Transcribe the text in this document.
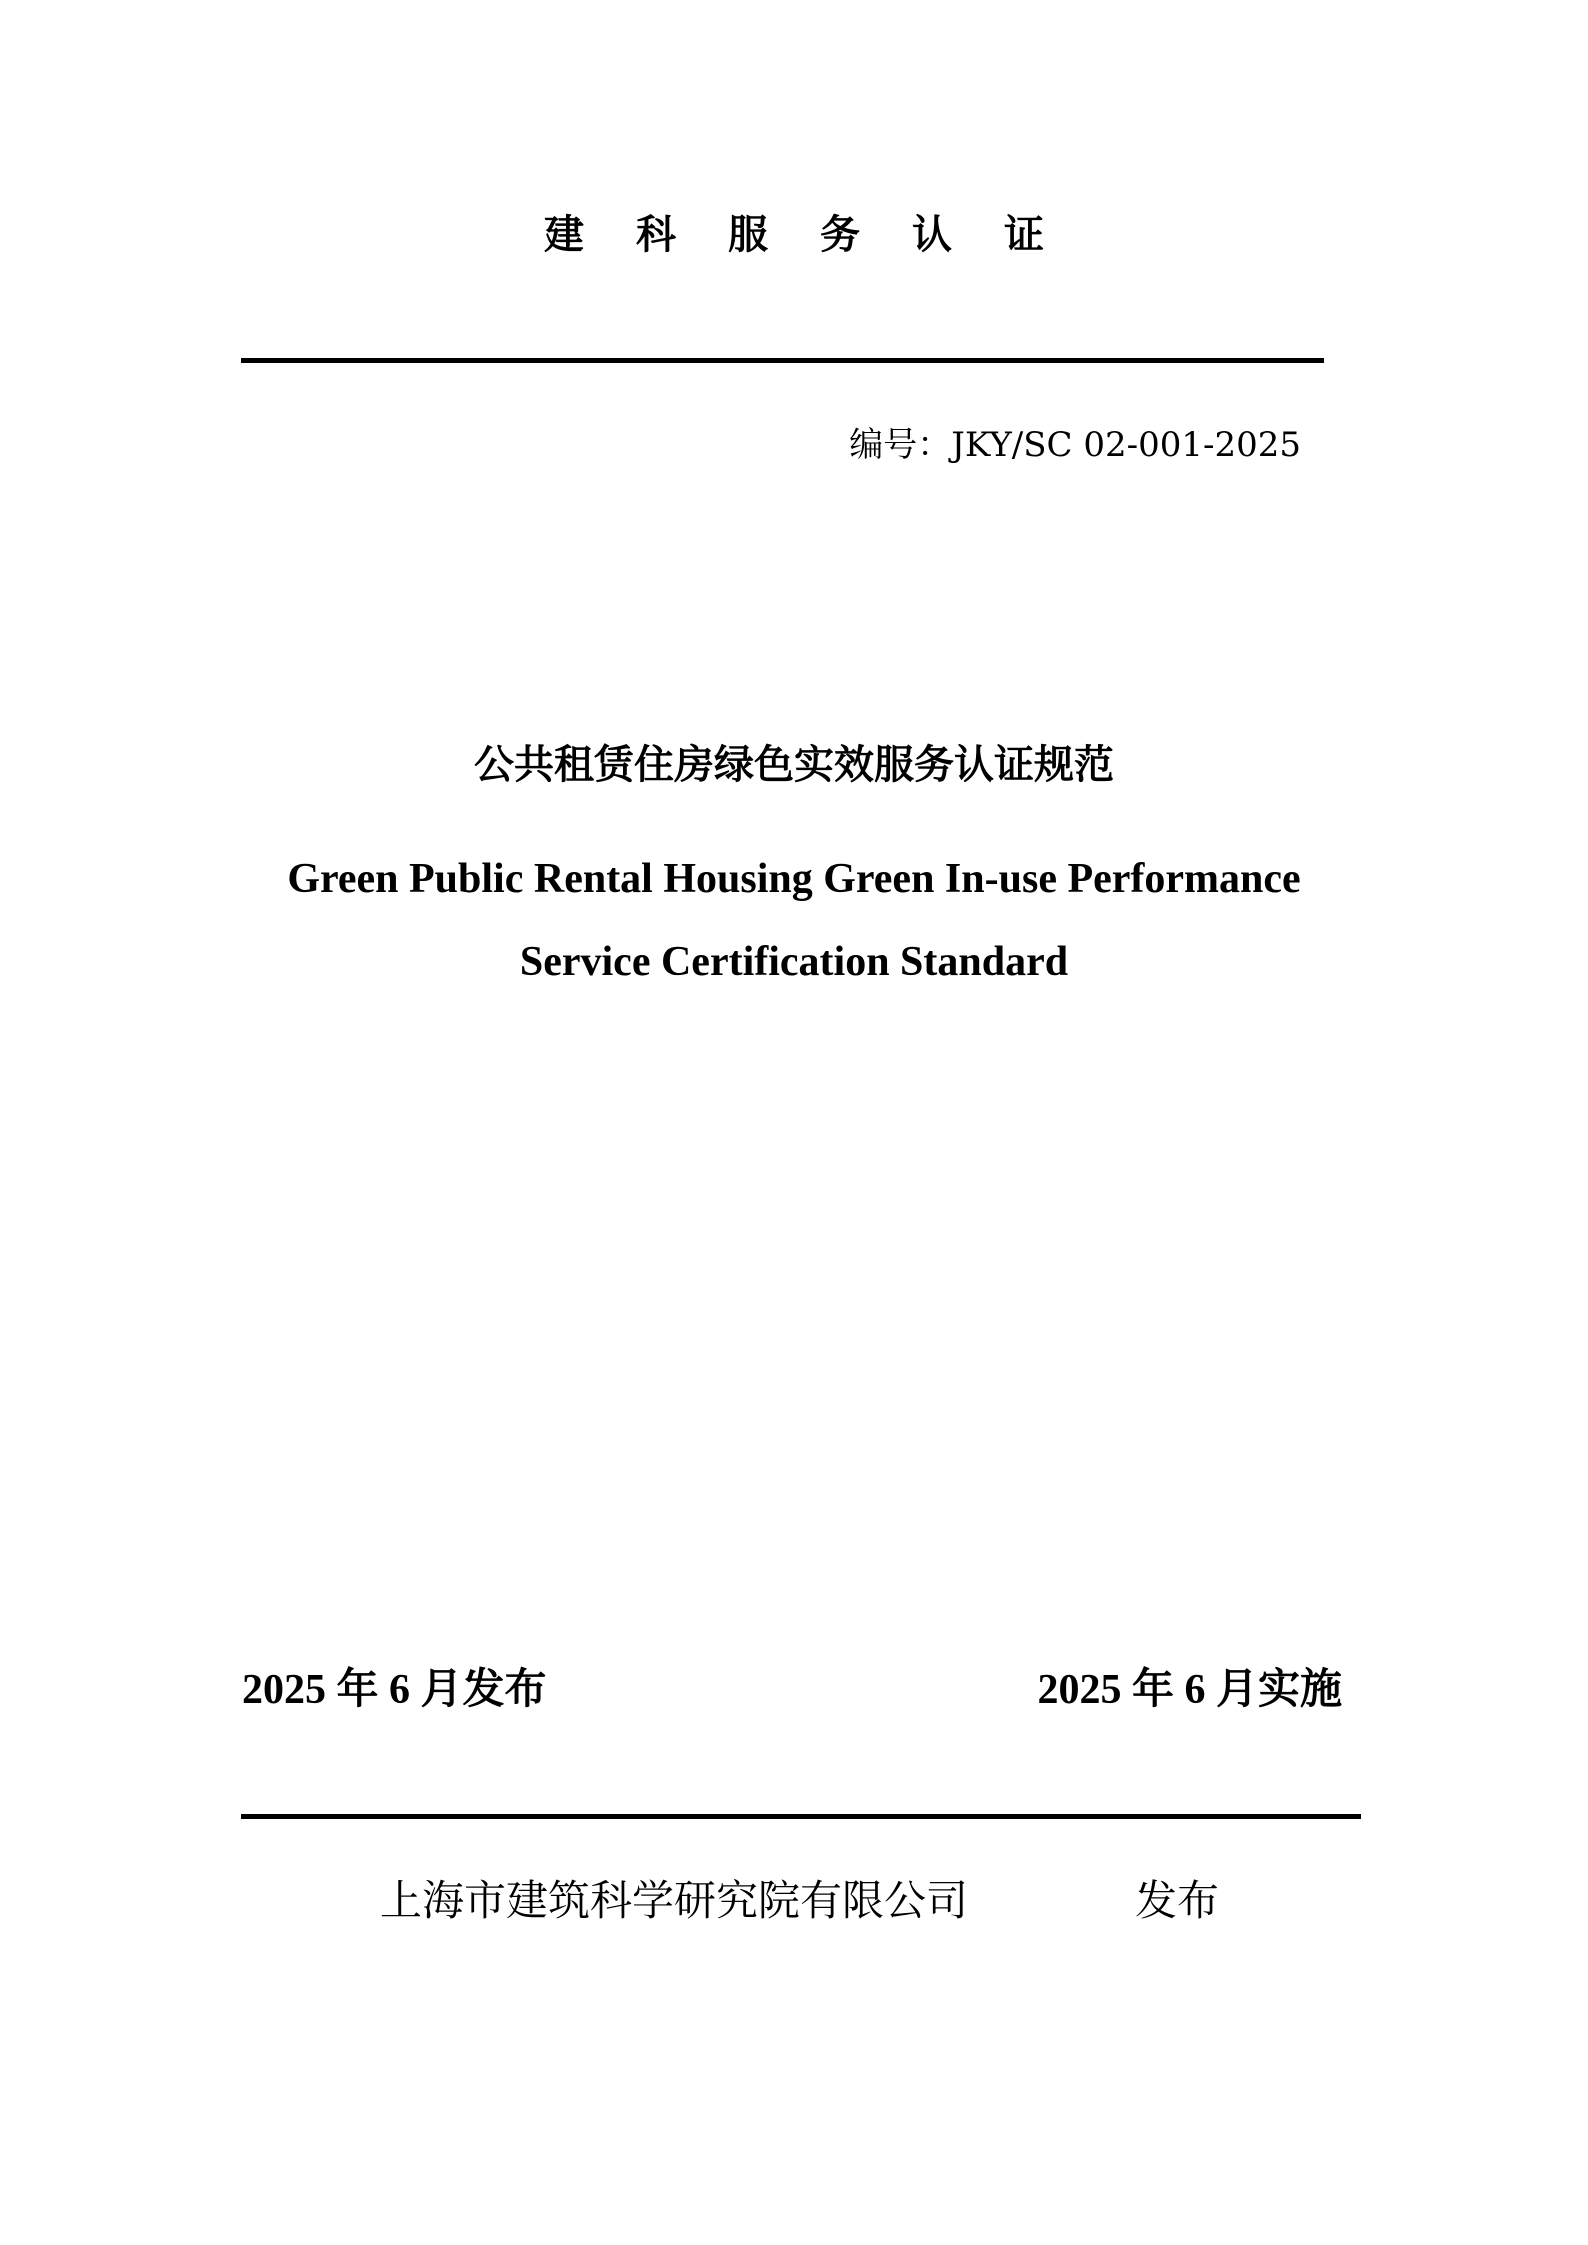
建 科 服 务 认 证
编号：JKY/SC 02-001-2025
公共租赁住房绿色实效服务认证规范
Green Public Rental Housing Green In-use Performance
Service Certification Standard
2025 年 6 月发布	2025 年 6 月实施
上海市建筑科学研究院有限公司	发布
